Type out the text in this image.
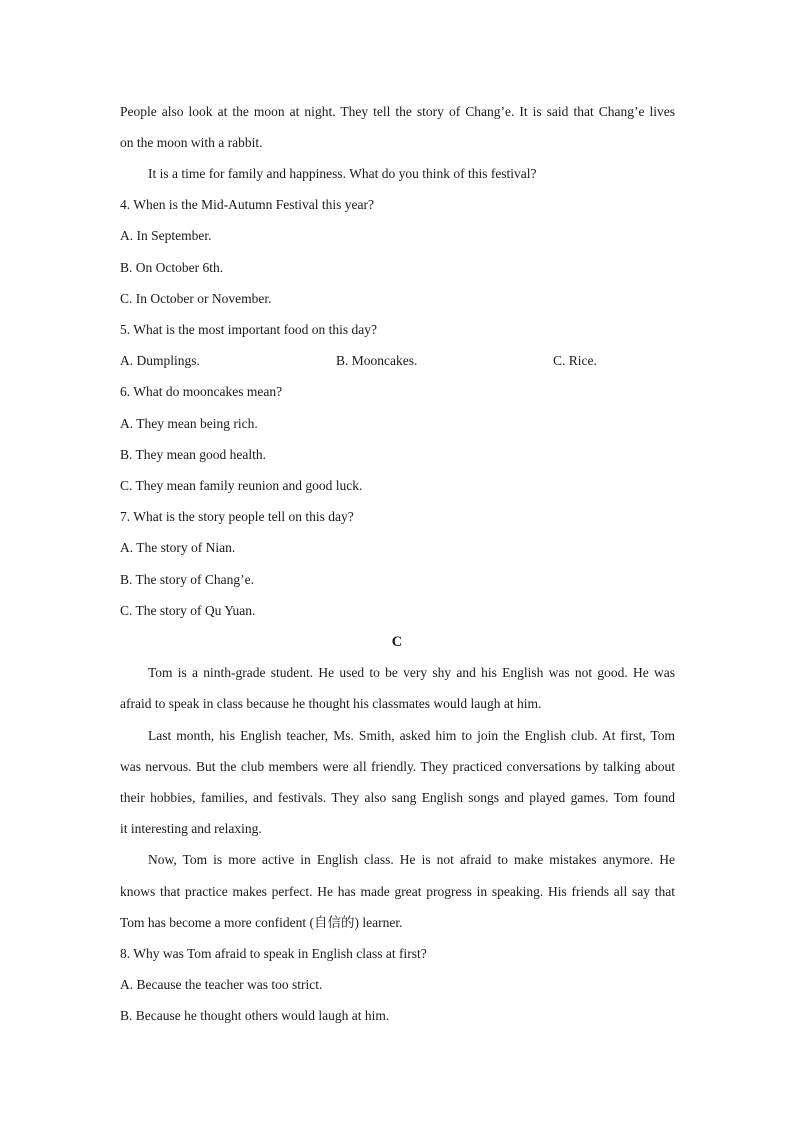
People also look at the moon at night. They tell the story of Chang’e. It is said that Chang’e lives
on the moon with a rabbit.
It is a time for family and happiness. What do you think of this festival?
4. When is the Mid-Autumn Festival this year?
A. In September.
B. On October 6th.
C. In October or November.
5. What is the most important food on this day?
A. Dumplings.	B. Mooncakes.	C. Rice.
6. What do mooncakes mean?
A. They mean being rich.
B. They mean good health.
C. They mean family reunion and good luck.
7. What is the story people tell on this day?
A. The story of Nian.
B. The story of Chang’e.
C. The story of Qu Yuan.
C
Tom is a ninth-grade student. He used to be very shy and his English was not good. He was
afraid to speak in class because he thought his classmates would laugh at him.
Last month, his English teacher, Ms. Smith, asked him to join the English club. At first, Tom
was nervous. But the club members were all friendly. They practiced conversations by talking about
their hobbies, families, and festivals. They also sang English songs and played games. Tom found
it interesting and relaxing.
Now, Tom is more active in English class. He is not afraid to make mistakes anymore. He
knows that practice makes perfect. He has made great progress in speaking. His friends all say that
Tom has become a more confident (自信的) learner.
8. Why was Tom afraid to speak in English class at first?
A. Because the teacher was too strict.
B. Because he thought others would laugh at him.
